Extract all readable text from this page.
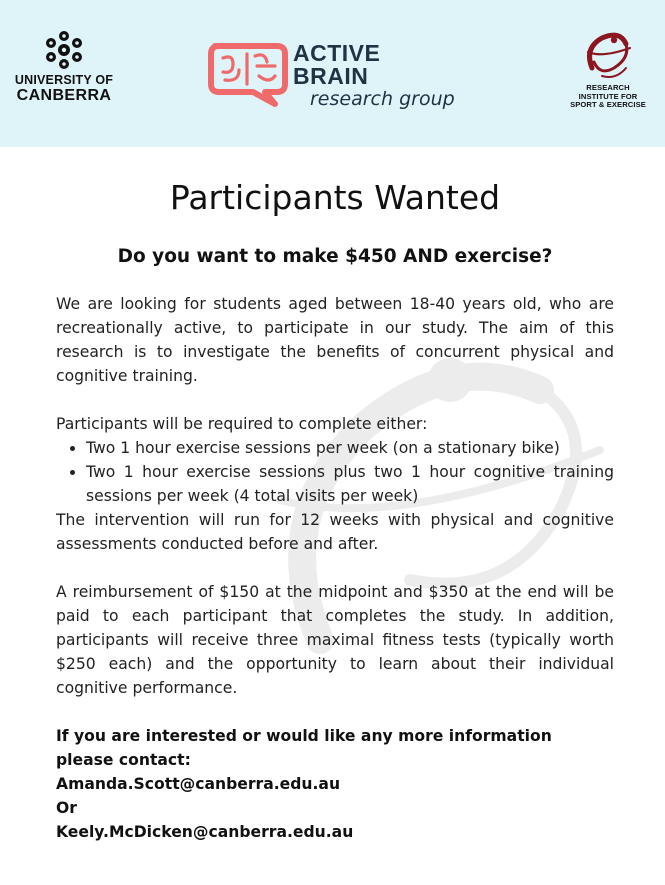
UNIVERSITY OF
CANBERRA
ACTIVE
BRAIN
research group
RESEARCH
INSTITUTE FOR
SPORT & EXERCISE
Participants Wanted
Do you want to make $450 AND exercise?

We are looking for students aged between 18-40 years old, who are recreationally active, to participate in our study. The aim of this research is to investigate the benefits of concurrent physical and cognitive training.

Participants will be required to complete either:

• Two 1 hour exercise sessions per week (on a stationary bike)
• Two 1 hour exercise sessions plus two 1 hour cognitive training sessions per week (4 total visits per week)

The intervention will run for 12 weeks with physical and cognitive assessments conducted before and after.

A reimbursement of $150 at the midpoint and $350 at the end will be paid to each participant that completes the study. In addition, participants will receive three maximal fitness tests (typically worth $250 each) and the opportunity to learn about their individual cognitive performance.

If you are interested or would like any more information please contact:
Amanda.Scott@canberra.edu.au
Or
Keely.McDicken@canberra.edu.au
